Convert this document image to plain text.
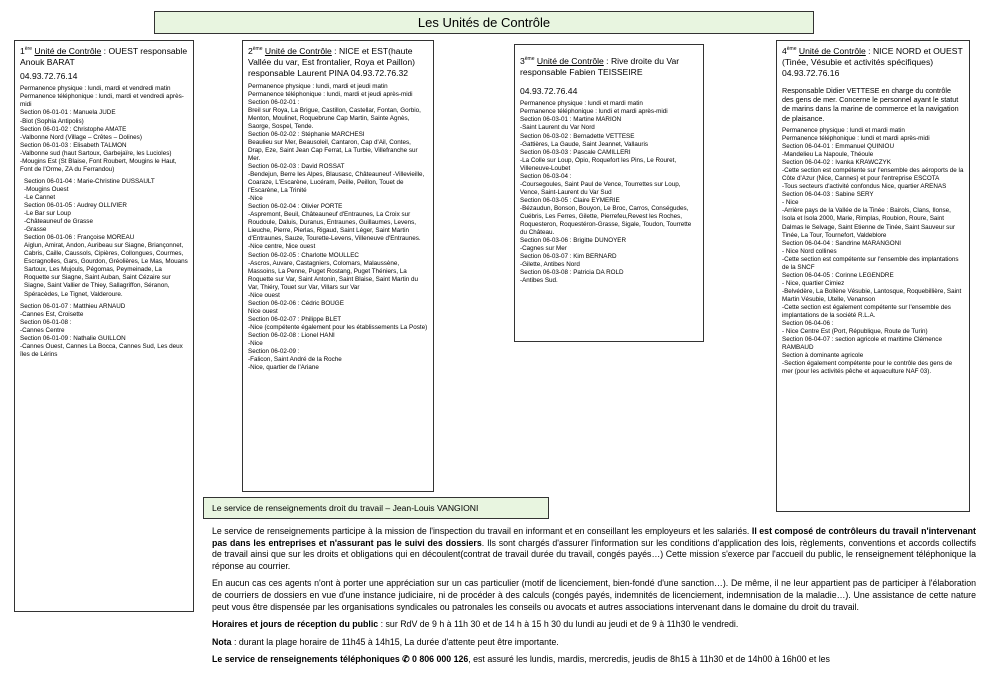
Les Unités de Contrôle
1ère Unité de Contrôle : OUEST responsable Anouk BARAT
04.93.72.76.14

Permanence physique : lundi, mardi et vendredi matin

Permanence téléphonique : lundi, mardi et vendredi après-midi

Section 06-01-01 : Manuela JUDE

-Biot (Sophia Antipolis)

Section 06-01-02 : Christophe AMATE

-Valbonne Nord (Village – Crêtes – Dolines)

Section 06-01-03 : Elisabeth TALMON

-Valbonne sud (haut Sartoux, Garbejaïre, les Lucioles)

-Mougins Est (St Blaise, Font Roubert, Mougins le Haut, Font de l'Orme, ZA du Ferrandou)

Section 06-01-04 : Marie-Christine DUSSAULT

-Mougins Ouest

-Le Cannet

Section 06-01-05 : Audrey OLLIVIER

-Le Bar sur Loup

-Châteauneuf de Grasse

-Grasse

Section 06-01-06 : Françoise MOREAU

Aiglun, Amirat, Andon, Auribeau sur Siagne, Briançonnet, Cabris, Caille, Caussols, Cipières, Collongues, Courmes, Escragnolles, Gars, Gourdon, Gréolières, Le Mas, Mouans Sartoux, Les Mujouls, Pégomas, Peymeinade, La Roquette sur Siagne, Saint Auban, Saint Cézaire sur Siagne, Saint Vallier de Thiey, Sallagriffon, Séranon, Spéracèdes, Le Tignet, Valderoure.

Section 06-01-07 : Matthieu ARNAUD

-Cannes Est, Croisette

Section 06-01-08 :

-Cannes Centre

Section 06-01-09 : Nathalie GUILLON

-Cannes Ouest, Cannes La Bocca, Cannes Sud, Les deux îles de Lérins

2ème Unité de Contrôle : NICE et EST(haute Vallée du var, Est frontalier, Roya et Paillon) responsable Laurent PINA 04.93.72.76.32

Permanence physique : lundi, mardi et jeudi matin

Permanence téléphonique : lundi, mardi et jeudi après-midi

Section 06-02-01 :

Breil sur Roya, La Brigue, Castillon, Castellar, Fontan, Gorbio, Menton, Moulinet, Roquebrune Cap Martin, Sainte Agnès, Saorge, Sospel, Tende.

Section 06-02-02 : Stéphanie MARCHESI

Beaulieu sur Mer, Beausoleil, Cantaron, Cap d'Ail, Contes, Drap, Eze, Saint Jean Cap Ferrat, La Turbie, Villefranche sur Mer.

Section 06-02-03 : David ROSSAT

-Bendejun, Berre les Alpes, Blausasc, Châteauneuf -Villevieille, Coaraze, L'Escarène, Lucéram, Peille, Peillon, Touet de l'Escarène, La Trinité

-Nice

Section 06-02-04 : Olivier PORTE

-Aspremont, Beuil, Châteauneuf d'Entraunes, La Croix sur Roudoule, Daluis, Duranus, Entraunes, Guillaumes, Levens, Lieuche, Pierre, Pierlas, Rigaud, Saint Léger, Saint Martin d'Entraunes, Sauze, Tourette-Levens, Villeneuve d'Entraunes.

-Nice centre, Nice ouest

Section 06-02-05 : Charlotte MOULLEC

-Ascros, Auvare, Castagniers, Colomars, Malaussène, Massoins, La Penne, Puget Rostang, Puget Théniers, La Roquette sur Var, Saint Antonin, Saint Blaise, Saint Martin du Var, Thiéry, Touet sur Var, Villars sur Var

-Nice ouest

Section 06-02-06 : Cédric BOUGE

Nice ouest

Section 06-02-07 : Philippe BLET

-Nice (compétente également pour les établissements La Poste)

Section 06-02-08 : Lionel HANI

-Nice

Section 06-02-09 :

-Falicon, Saint André de la Roche

-Nice, quartier de l'Ariane

3ème Unité de Contrôle : Rive droite du Var responsable Fabien TEISSEIRE
04.93.72.76.44

Permanence physique : lundi et mardi matin

Permanence téléphonique : lundi et mardi après-midi

Section 06-03-01 : Martine MARION

-Saint Laurent du Var Nord

Section 06-03-02 : Bernadette VETTESE

-Gattières, La Gaude, Saint Jeannet, Vallauris

Section 06-03-03 : Pascale CAMILLERI

-La Colle sur Loup, Opio, Roquefort les Pins, Le Rouret, Villeneuve-Loubet

Section 06-03-04 :

-Coursegoules, Saint Paul de Vence, Tourrettes sur Loup, Vence, Saint-Laurent du Var Sud

Section 06-03-05 : Claire EYMERIE

-Bézaudun, Bonson, Bouyon, Le Broc, Carros, Conségudes, Cuébris, Les Ferres, Gilette, Pierrefeu,Revest les Roches, Roquesteron, Roquestéron-Grasse, Sigale, Toudon, Tourrette du Château.

Section 06-03-06 : Brigitte DUNOYER

-Cagnes sur Mer

Section 06-03-07 : Kim BERNARD

-Gilette, Antibes Nord

Section 06-03-08 : Patricia DA ROLD

-Antibes Sud.

4ème Unité de Contrôle : NICE NORD et OUEST (Tinée, Vésubie et activités spécifiques) 04.93.72.76.16
Responsable Didier VETTESE en charge du contrôle des gens de mer. Concerne le personnel ayant le statut de marins dans la marine de commerce et la navigation de plaisance.

Permanence physique : lundi et mardi matin

Permanence téléphonique : lundi et mardi après-midi

Section 06-04-01 : Emmanuel QUINIOU

-Mandelieu La Napoule, Théoule

Section 06-04-02 : Ivanka KRAWCZYK

-Cette section est compétente sur l'ensemble des aéroports de la Côte d'Azur (Nice, Cannes) et pour l'entreprise ESCOTA

-Tous secteurs d'activité confondus Nice, quartier ARENAS

Section 06-04-03 : Sabine SERY

- Nice

-Arrière pays de la Vallée de la Tinée : Bairols, Clans, Ilonse, Isola et Isola 2000, Marie, Rimplas, Roubion, Roure, Saint Dalmas le Selvage, Saint Etienne de Tinée, Saint Sauveur sur Tinée, La Tour, Tournefort, Valdeblore

Section 06-04-04 : Sandrine MARANGONI

- Nice Nord collines

-Cette section est compétente sur l'ensemble des implantations de la SNCF

Section 06-04-05 : Corinne LEGENDRE

- Nice, quartier Cimiez

-Belvédère, La Bollène Vésubie, Lantosque, Roquebillière, Saint Martin Vésubie, Utelle, Venanson

-Cette section est également compétente sur l'ensemble des implantations de la société R.L.A.

Section 06-04-06 :

- Nice Centre Est (Port, République, Route de Turin)

Section 06-04-07 : section agricole et maritime Clémence RAMBAUD

Section à dominante agricole

-Section également compétente pour le contrôle des gens de mer (pour les activités pêche et aquaculture NAF 03).

Le service de renseignements droit du travail – Jean-Louis VANGIONI

Le service de renseignements participe à la mission de l'inspection du travail en informant et en conseillant les employeurs et les salariés. Il est composé de contrôleurs du travail n'intervenant pas dans les entreprises et n'assurant pas le suivi des dossiers. Ils sont chargés d'assurer l'information sur les conditions d'application des lois, règlements, conventions et accords collectifs de travail ainsi que sur les droits et obligations qui en découlent(contrat de travail durée du travail, congés payés…) Cette mission s'exerce par l'accueil du public, le renseignement téléphonique la réponse au courrier.

En aucun cas ces agents n'ont à porter une appréciation sur un cas particulier (motif de licenciement, bien-fondé d'une sanction…). De même, il ne leur appartient pas de participer à l'élaboration de courriers de dossiers en vue d'une instance judiciaire, ni de procéder à des calculs (congés payés, indemnités de licenciement, indemnisation de la maladie…). Une assistance de cette nature peut vous être dispensée par les organisations syndicales ou patronales les conseils ou avocats et autres associations intervenant dans le domaine du droit du travail.

Horaires et jours de réception du public : sur RdV de 9 h à 11h 30 et de 14 h à 15 h 30 du lundi au jeudi et de 9 à 11h30 le vendredi.

Nota : durant la plage horaire de 11h45 à 14h15, La durée d'attente peut être importante.

Le service de renseignements téléphoniques ✆ 0 806 000 126, est assuré les lundis, mardis, mercredis, jeudis de 8h15 à 11h30 et de 14h00 à 16h00 et les
